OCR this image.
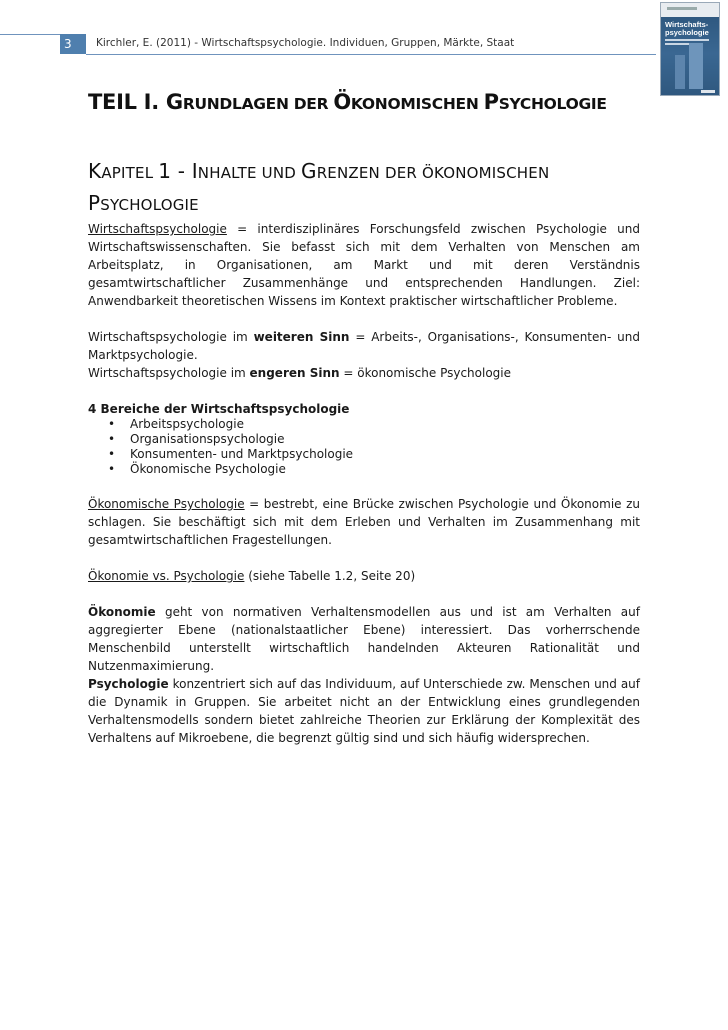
3	Kirchler, E. (2011) - Wirtschaftspsychologie. Individuen, Gruppen, Märkte, Staat
Wirtschafts-
psychologie
TEIL I. GRUNDLAGEN DER ÖKONOMISCHEN PSYCHOLOGIE
KAPITEL 1 - INHALTE UND GRENZEN DER ÖKONOMISCHEN
PSYCHOLOGIE

Wirtschaftspsychologie = interdisziplinäres Forschungsfeld zwischen Psychologie und Wirtschaftswissenschaften. Sie befasst sich mit dem Verhalten von Menschen am Arbeitsplatz, in Organisationen, am Markt und mit deren Verständnis gesamtwirtschaftlicher Zusammenhänge und entsprechenden Handlungen. Ziel: Anwendbarkeit theoretischen Wissens im Kontext praktischer wirtschaftlicher Probleme.

Wirtschaftspsychologie im weiteren Sinn = Arbeits-, Organisations-, Konsumenten- und Marktpsychologie.
Wirtschaftspsychologie im engeren Sinn = ökonomische Psychologie

4 Bereiche der Wirtschaftspsychologie
• Arbeitspsychologie
• Organisationspsychologie
• Konsumenten- und Marktpsychologie
• Ökonomische Psychologie

Ökonomische Psychologie = bestrebt, eine Brücke zwischen Psychologie und Ökonomie zu schlagen. Sie beschäftigt sich mit dem Erleben und Verhalten im Zusammenhang mit gesamtwirtschaftlichen Fragestellungen.

Ökonomie vs. Psychologie (siehe Tabelle 1.2, Seite 20)

Ökonomie geht von normativen Verhaltensmodellen aus und ist am Verhalten auf aggregierter Ebene (nationalstaatlicher Ebene) interessiert. Das vorherrschende Menschenbild unterstellt wirtschaftlich handelnden Akteuren Rationalität und Nutzenmaximierung.

Psychologie konzentriert sich auf das Individuum, auf Unterschiede zw. Menschen und auf die Dynamik in Gruppen. Sie arbeitet nicht an der Entwicklung eines grundlegenden Verhaltensmodells sondern bietet zahlreiche Theorien zur Erklärung der Komplexität des Verhaltens auf Mikroebene, die begrenzt gültig sind und sich häufig widersprechen.
